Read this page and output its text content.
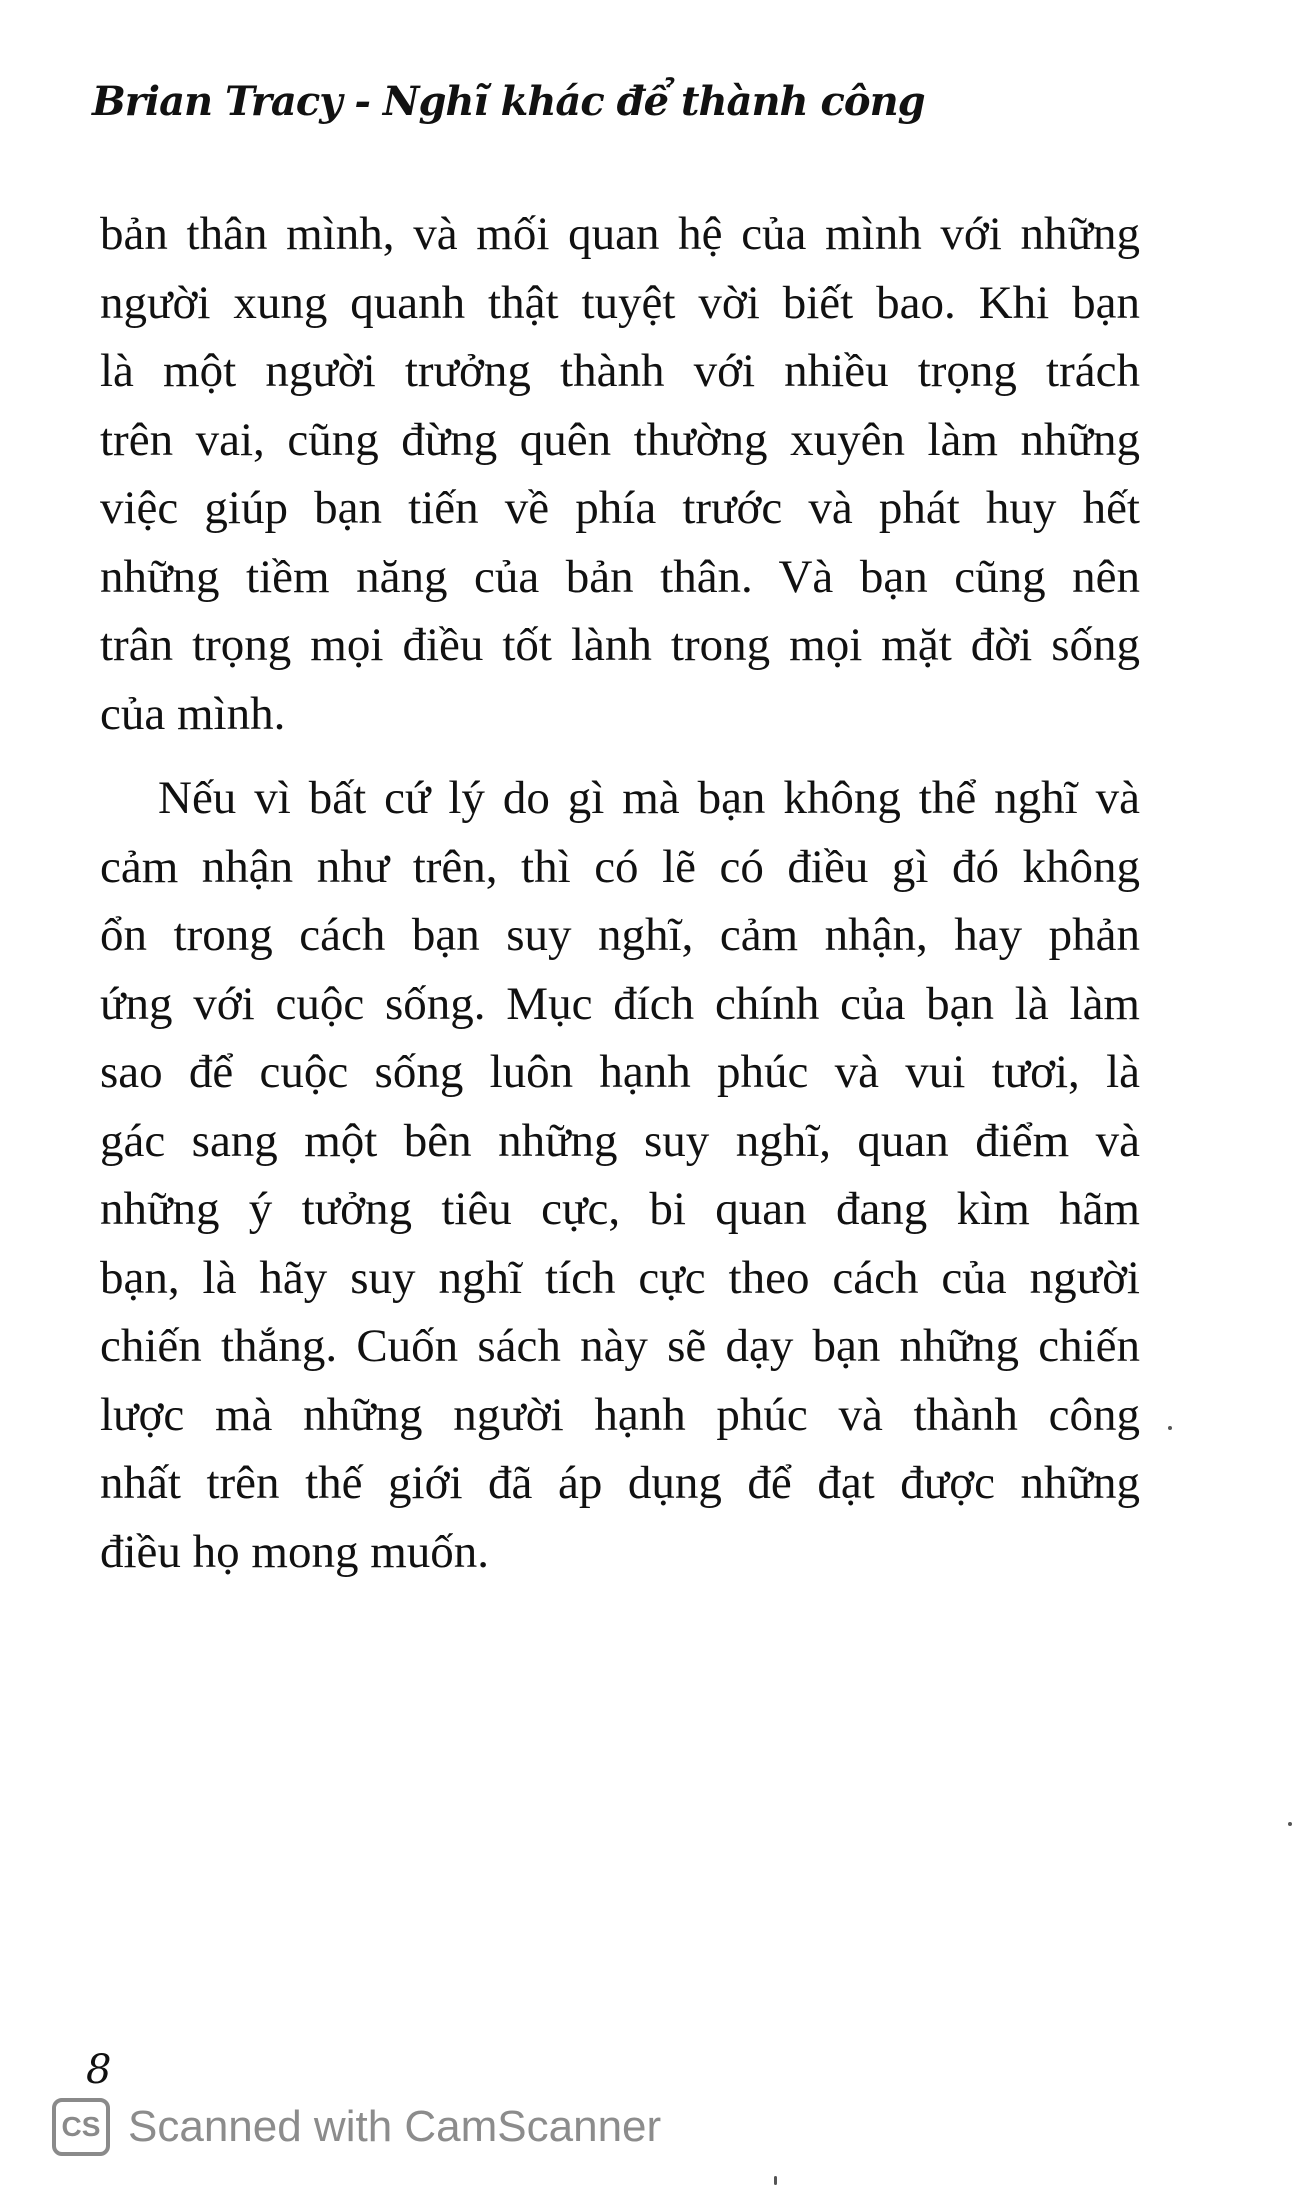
Brian Tracy - Nghĩ khác để thành công

bản thân mình, và mối quan hệ của mình với những
người xung quanh thật tuyệt vời biết bao. Khi bạn
là một người trưởng thành với nhiều trọng trách
trên vai, cũng đừng quên thường xuyên làm những
việc giúp bạn tiến về phía trước và phát huy hết
những tiềm năng của bản thân. Và bạn cũng nên
trân trọng mọi điều tốt lành trong mọi mặt đời sống
của mình.

Nếu vì bất cứ lý do gì mà bạn không thể nghĩ và
cảm nhận như trên, thì có lẽ có điều gì đó không
ổn trong cách bạn suy nghĩ, cảm nhận, hay phản
ứng với cuộc sống. Mục đích chính của bạn là làm
sao để cuộc sống luôn hạnh phúc và vui tươi, là
gác sang một bên những suy nghĩ, quan điểm và
những ý tưởng tiêu cực, bi quan đang kìm hãm
bạn, là hãy suy nghĩ tích cực theo cách của người
chiến thắng. Cuốn sách này sẽ dạy bạn những chiến
lược mà những người hạnh phúc và thành công
nhất trên thế giới đã áp dụng để đạt được những
điều họ mong muốn.

8
CS Scanned with CamScanner
